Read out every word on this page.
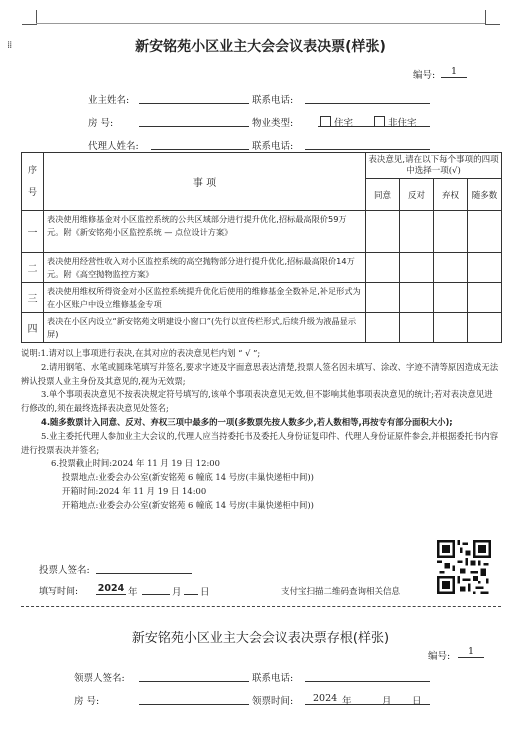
⁞⁞	新安铭苑小区业主大会会议表决票(样张)
编号:	1
业主姓名:	联系电话:
房 号:	物业类型:	住宅	非住宅
代理人姓名:	联系电话:
序号	事 项	表决意见,请在以下每个事项的四项中选择一项(√)			
		同意	反对	弃权	随多数
一	表决使用维修基金对小区监控系统的公共区域部分进行提升优化,招标最高限价59万元。附《新安铭苑小区监控系统 — 点位设计方案》				
二	表决使用经营性收入对小区监控系统的高空抛物部分进行提升优化,招标最高限价14万元。附《高空抛物监控方案》				
三	表决使用维权所得资金对小区监控系统提升优化后使用的维修基金全数补足,补足形式为在小区账户中设立维修基金专项				
四	表决在小区内设立“新安铭苑文明建设小窗口”(先行以宣传栏形式,后续升级为液晶显示屏)				

说明:1.请对以上事项进行表决,在其对应的表决意见栏内划 “ √ ”;

2.请用钢笔、水笔或圆珠笔填写并签名,要求字迹及字面意思表达清楚,投票人签名因未填写、涂改、字迹不清等原因造成无法辨认投票人业主身份及其意见的,视为无效票;

3.单个事项表决意见不按表决规定符号填写的,该单个事项表决意见无效,但不影响其他事项表决意见的统计;若对表决意见进行修改的,须在最终选择表决意见处签名;

4.随多数票计入同意、反对、弃权三项中最多的一项(多数票先按人数多少,若人数相等,再按专有部分面积大小);

5.业主委托代理人参加业主大会议的,代理人应当持委托书及委托人身份证复印件、代理人身份证原件参会,并根据委托书内容进行投票表决并签名;

6.投票截止时间:2024 年 11 月 19 日 12:00

投票地点:业委会办公室(新安铭苑 6 幢底 14 号房(丰巢快递柜中间))

开箱时间:2024 年 11 月 19 日 14:00

开箱地点:业委会办公室(新安铭苑 6 幢底 14 号房(丰巢快递柜中间))

投票人签名:
填写时间: 2024 年	月 日	支付宝扫描二维码查询相关信息
新安铭苑小区业主大会会议表决票存根(样张)
编号:	1
领票人签名:	联系电话:
房 号:	领票时间: 2024 年	月 日
